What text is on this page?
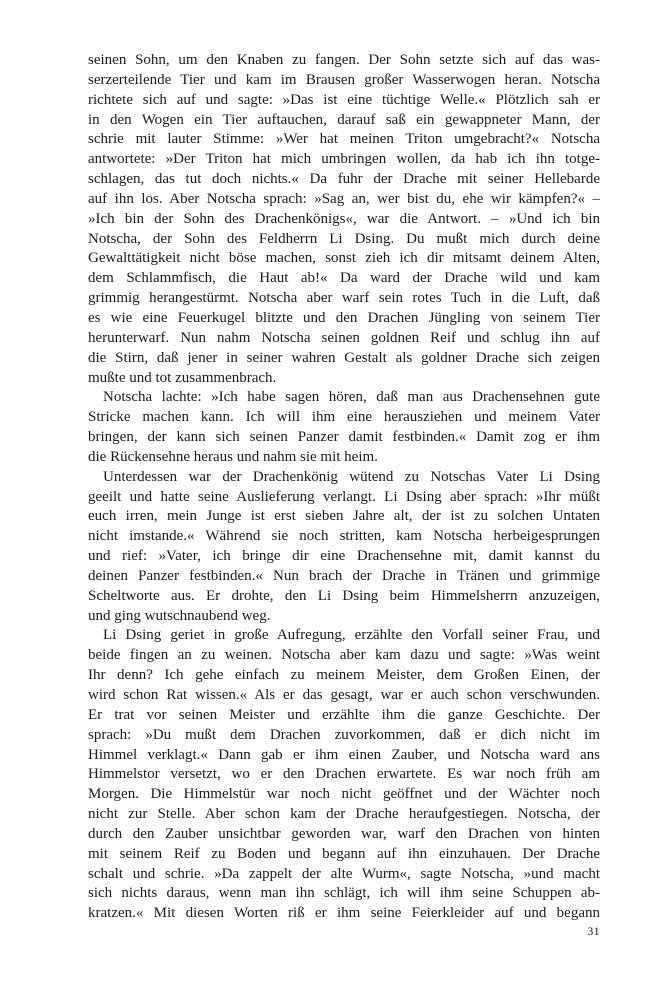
seinen Sohn, um den Knaben zu fangen. Der Sohn setzte sich auf das was-
serzerteilende Tier und kam im Brausen großer Wasserwogen heran. Notscha
richtete sich auf und sagte: »Das ist eine tüchtige Welle.« Plötzlich sah er
in den Wogen ein Tier auftauchen, darauf saß ein gewappneter Mann, der
schrie mit lauter Stimme: »Wer hat meinen Triton umgebracht?« Notscha
antwortete: »Der Triton hat mich umbringen wollen, da hab ich ihn totge-
schlagen, das tut doch nichts.« Da fuhr der Drache mit seiner Hellebarde
auf ihn los. Aber Notscha sprach: »Sag an, wer bist du, ehe wir kämpfen?« –
»Ich bin der Sohn des Drachenkönigs«, war die Antwort. – »Und ich bin
Notscha, der Sohn des Feldherrn Li Dsing. Du mußt mich durch deine
Gewalttätigkeit nicht böse machen, sonst zieh ich dir mitsamt deinem Alten,
dem Schlammfisch, die Haut ab!« Da ward der Drache wild und kam
grimmig herangestürmt. Notscha aber warf sein rotes Tuch in die Luft, daß
es wie eine Feuerkugel blitzte und den Drachen Jüngling von seinem Tier
herunterwarf. Nun nahm Notscha seinen goldnen Reif und schlug ihn auf
die Stirn, daß jener in seiner wahren Gestalt als goldner Drache sich zeigen
mußte und tot zusammenbrach.
Notscha lachte: »Ich habe sagen hören, daß man aus Drachensehnen gute
Stricke machen kann. Ich will ihm eine herausziehen und meinem Vater
bringen, der kann sich seinen Panzer damit festbinden.« Damit zog er ihm
die Rückensehne heraus und nahm sie mit heim.
Unterdessen war der Drachenkönig wütend zu Notschas Vater Li Dsing
geeilt und hatte seine Auslieferung verlangt. Li Dsing aber sprach: »Ihr müßt
euch irren, mein Junge ist erst sieben Jahre alt, der ist zu solchen Untaten
nicht imstande.« Während sie noch stritten, kam Notscha herbeigesprungen
und rief: »Vater, ich bringe dir eine Drachensehne mit, damit kannst du
deinen Panzer festbinden.« Nun brach der Drache in Tränen und grimmige
Scheltworte aus. Er drohte, den Li Dsing beim Himmelsherrn anzuzeigen,
und ging wutschnaubend weg.
Li Dsing geriet in große Aufregung, erzählte den Vorfall seiner Frau, und
beide fingen an zu weinen. Notscha aber kam dazu und sagte: »Was weint
Ihr denn? Ich gehe einfach zu meinem Meister, dem Großen Einen, der
wird schon Rat wissen.« Als er das gesagt, war er auch schon verschwunden.
Er trat vor seinen Meister und erzählte ihm die ganze Geschichte. Der
sprach: »Du mußt dem Drachen zuvorkommen, daß er dich nicht im
Himmel verklagt.« Dann gab er ihm einen Zauber, und Notscha ward ans
Himmelstor versetzt, wo er den Drachen erwartete. Es war noch früh am
Morgen. Die Himmelstür war noch nicht geöffnet und der Wächter noch
nicht zur Stelle. Aber schon kam der Drache heraufgestiegen. Notscha, der
durch den Zauber unsichtbar geworden war, warf den Drachen von hinten
mit seinem Reif zu Boden und begann auf ihn einzuhauen. Der Drache
schalt und schrie. »Da zappelt der alte Wurm«, sagte Notscha, »und macht
sich nichts daraus, wenn man ihn schlägt, ich will ihm seine Schuppen ab-
kratzen.« Mit diesen Worten riß er ihm seine Feierkleider auf und begann
31
